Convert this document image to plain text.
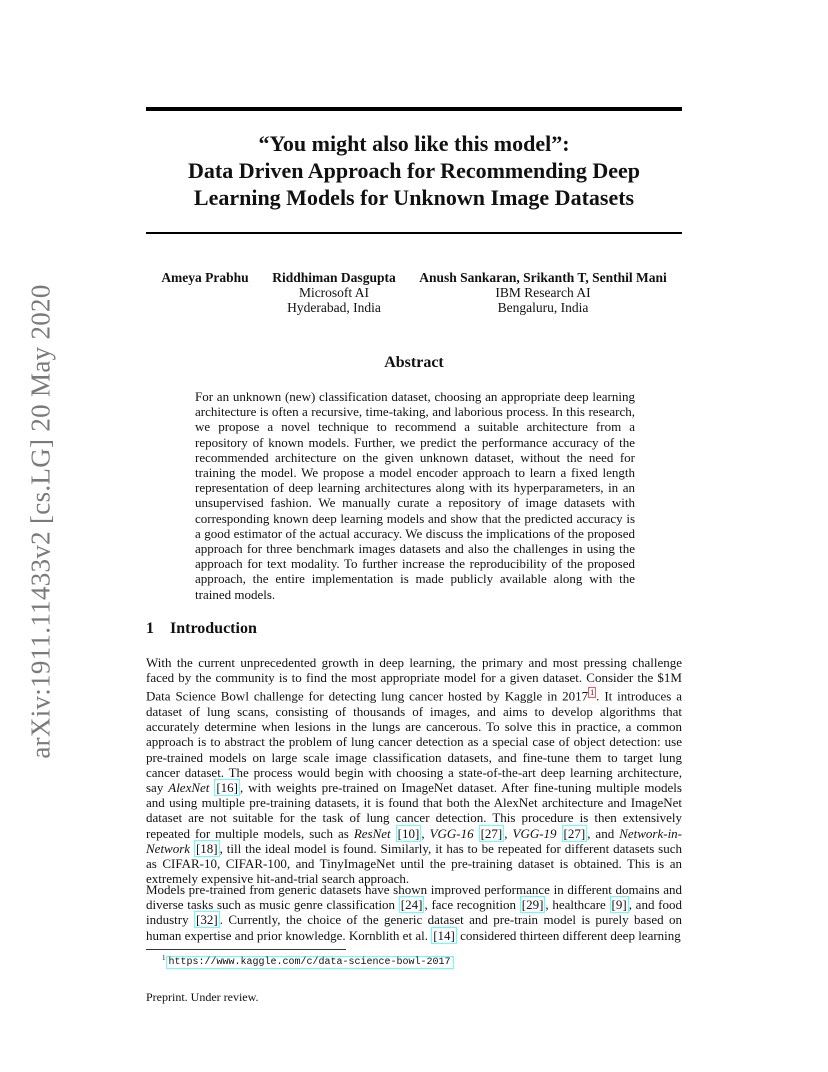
arXiv:1911.11433v2 [cs.LG] 20 May 2020
“You might also like this model”:
Data Driven Approach for Recommending Deep
Learning Models for Unknown Image Datasets
Ameya Prabhu	Riddhiman Dasgupta
Microsoft AI
Hyderabad, India
Anush Sankaran, Srikanth T, Senthil Mani
IBM Research AI
Bengaluru, India
Abstract

For an unknown (new) classification dataset, choosing an appropriate deep learning architecture is often a recursive, time-taking, and laborious process. In this research, we propose a novel technique to recommend a suitable architecture from a repository of known models. Further, we predict the performance accuracy of the recommended architecture on the given unknown dataset, without the need for training the model. We propose a model encoder approach to learn a fixed length representation of deep learning architectures along with its hyperparameters, in an unsupervised fashion. We manually curate a repository of image datasets with corresponding known deep learning models and show that the predicted accuracy is a good estimator of the actual accuracy. We discuss the implications of the proposed approach for three benchmark images datasets and also the challenges in using the approach for text modality. To further increase the reproducibility of the proposed approach, the entire implementation is made publicly available along with the trained models.

1 Introduction

With the current unprecedented growth in deep learning, the primary and most pressing challenge faced by the community is to find the most appropriate model for a given dataset. Consider the $1M Data Science Bowl challenge for detecting lung cancer hosted by Kaggle in 2017 $^1$ . It introduces a dataset of lung scans, consisting of thousands of images, and aims to develop algorithms that accurately determine when lesions in the lungs are cancerous. To solve this in practice, a common approach is to abstract the problem of lung cancer detection as a special case of object detection: use pre-trained models on large scale image classification datasets, and fine-tune them to target lung cancer dataset. The process would begin with choosing a state-of-the-art deep learning architecture, say AlexNet [16] , with weights pre-trained on ImageNet dataset. After fine-tuning multiple models and using multiple pre-training datasets, it is found that both the AlexNet architecture and ImageNet dataset are not suitable for the task of lung cancer detection. This procedure is then extensively repeated for multiple models, such as ResNet [10] , VGG-16 [27] , VGG-19 [27] , and Network-in-Network [18] , till the ideal model is found. Similarly, it has to be repeated for different datasets such as CIFAR-10, CIFAR-100, and TinyImageNet until the pre-training dataset is obtained. This is an extremely expensive hit-and-trial search approach.

Models pre-trained from generic datasets have shown improved performance in different domains and diverse tasks such as music genre classification [24] , face recognition [29] , healthcare [9] , and food industry [32] . Currently, the choice of the generic dataset and pre-train model is purely based on human expertise and prior knowledge. Kornblith et al. [14] considered thirteen different deep learning

$^1$ https://www.kaggle.com/c/data-science-bowl-2017

Preprint. Under review.
